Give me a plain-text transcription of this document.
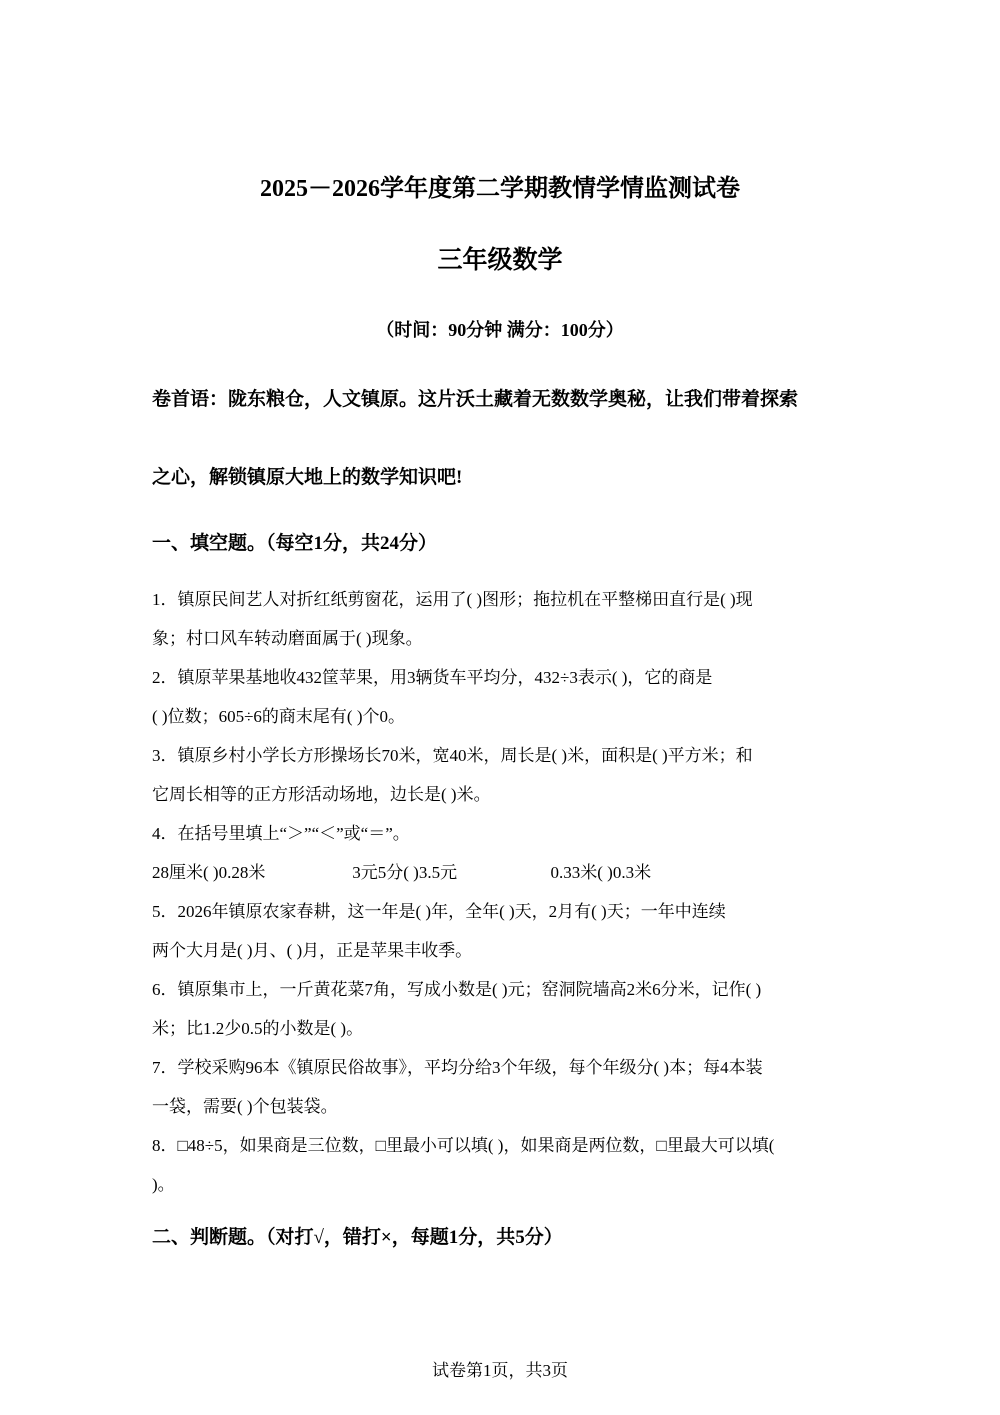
2025－2026学年度第二学期教情学情监测试卷
三年级数学
（时间：90分钟 满分：100分）
卷首语：陇东粮仓，人文镇原。这片沃土藏着无数数学奥秘，让我们带着探索
之心，解锁镇原大地上的数学知识吧!
一、填空题。（每空1分，共24分）
1．镇原民间艺人对折红纸剪窗花，运用了( )图形；拖拉机在平整梯田直行是( )现
象；村口风车转动磨面属于( )现象。
2．镇原苹果基地收432筐苹果，用3辆货车平均分，432÷3表示( )，它的商是
( )位数；605÷6的商末尾有( )个0。
3．镇原乡村小学长方形操场长70米，宽40米，周长是( )米，面积是( )平方米；和
它周长相等的正方形活动场地，边长是( )米。
4．在括号里填上“＞”“＜”或“＝”。
28厘米( )0.28米	3元5分( )3.5元	0.33米( )0.3米
5．2026年镇原农家春耕，这一年是( )年，全年( )天，2月有( )天；一年中连续
两个大月是( )月、( )月，正是苹果丰收季。
6．镇原集市上，一斤黄花菜7角，写成小数是( )元；窑洞院墙高2米6分米，记作( )
米；比1.2少0.5的小数是( )。
7．学校采购96本《镇原民俗故事》，平均分给3个年级，每个年级分( )本；每4本装
一袋，需要( )个包装袋。
8．□48÷5，如果商是三位数，□里最小可以填( )，如果商是两位数，□里最大可以填(
)。
二、判断题。（对打√，错打×，每题1分，共5分）
试卷第1页，共3页
